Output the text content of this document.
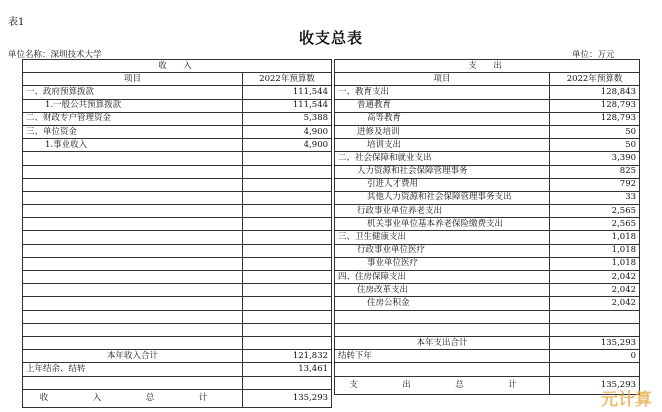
表1
收支总表
单位名称：深圳技术大学	单位：万元
收　入	
项目	2022年预算数
一、政府预算拨款	111,544
1.一般公共预算拨款	111,544
二、财政专户管理资金	5,388
三、单位资金	4,900
1.事业收入	4,900

本年收入合计	121,832
上年结余、结转	13,461

收　入　总　计	135,293
支　出	
项目	2022年预算数
一、教育支出	128,843
普通教育	128,793
高等教育	128,793
进修及培训	50
培训支出	50
二、社会保障和就业支出	3,390
人力资源和社会保障管理事务	825
引进人才费用	792
其他人力资源和社会保障管理事务支出	33
行政事业单位养老支出	2,565
机关事业单位基本养老保险缴费支出	2,565
三、卫生健康支出	1,018
行政事业单位医疗	1,018
事业单位医疗	1,018
四、住房保障支出	2,042
住房改革支出	2,042
住房公积金	2,042

本年支出合计	135,293
结转下年	0

支　出　总　计	135,293
元计算
